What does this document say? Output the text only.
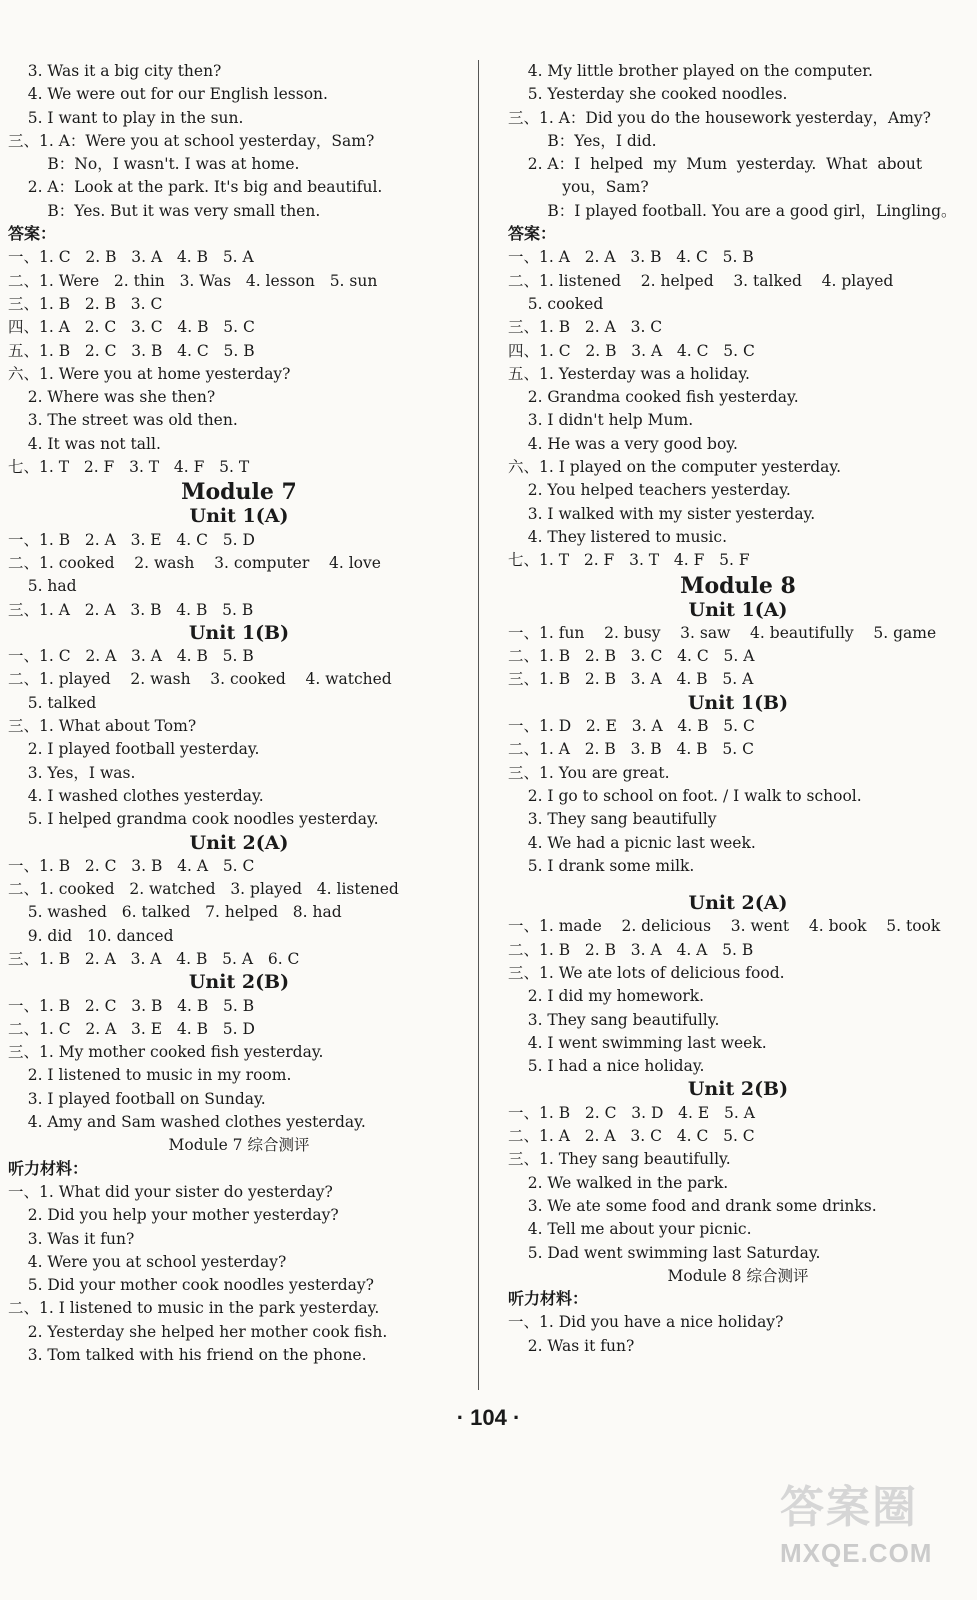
3. Was it a big city then?
4. We were out for our English lesson.
5. I want to play in the sun.
三、1. A：Were you at school yesterday，Sam?
B：No，I wasn't. I was at home.
2. A：Look at the park. It's big and beautiful.
B：Yes. But it was very small then.
答案：
一、1. C   2. B   3. A   4. B   5. A
二、1. Were   2. thin   3. Was   4. lesson   5. sun
三、1. B   2. B   3. C
四、1. A   2. C   3. C   4. B   5. C
五、1. B   2. C   3. B   4. C   5. B
六、1. Were you at home yesterday?
2. Where was she then?
3. The street was old then.
4. It was not tall.
七、1. T   2. F   3. T   4. F   5. T
Module 7
Unit 1(A)
一、1. B   2. A   3. E   4. C   5. D
二、1. cooked    2. wash    3. computer    4. love
5. had
三、1. A   2. A   3. B   4. B   5. B
Unit 1(B)
一、1. C   2. A   3. A   4. B   5. B
二、1. played    2. wash    3. cooked    4. watched
5. talked
三、1. What about Tom?
2. I played football yesterday.
3. Yes，I was.
4. I washed clothes yesterday.
5. I helped grandma cook noodles yesterday.
Unit 2(A)
一、1. B   2. C   3. B   4. A   5. C
二、1. cooked   2. watched   3. played   4. listened
5. washed   6. talked   7. helped   8. had
9. did   10. danced
三、1. B   2. A   3. A   4. B   5. A   6. C
Unit 2(B)
一、1. B   2. C   3. B   4. B   5. B
二、1. C   2. A   3. E   4. B   5. D
三、1. My mother cooked fish yesterday.
2. I listened to music in my room.
3. I played football on Sunday.
4. Amy and Sam washed clothes yesterday.
Module 7 综合测评
听力材料：
一、1. What did your sister do yesterday?
2. Did you help your mother yesterday?
3. Was it fun?
4. Were you at school yesterday?
5. Did your mother cook noodles yesterday?
二、1. I listened to music in the park yesterday.
2. Yesterday she helped her mother cook fish.
3. Tom talked with his friend on the phone.
4. My little brother played on the computer.
5. Yesterday she cooked noodles.
三、1. A：Did you do the housework yesterday，Amy?
B：Yes，I did.
2. A：I  helped  my  Mum  yesterday.  What  about
you，Sam?
B：I played football. You are a good girl，Lingling。
答案：
一、1. A   2. A   3. B   4. C   5. B
二、1. listened    2. helped    3. talked    4. played
5. cooked
三、1. B   2. A   3. C
四、1. C   2. B   3. A   4. C   5. C
五、1. Yesterday was a holiday.
2. Grandma cooked fish yesterday.
3. I didn't help Mum.
4. He was a very good boy.
六、1. I played on the computer yesterday.
2. You helped teachers yesterday.
3. I walked with my sister yesterday.
4. They listered to music.
七、1. T   2. F   3. T   4. F   5. F
Module 8
Unit 1(A)
一、1. fun    2. busy    3. saw    4. beautifully    5. game
二、1. B   2. B   3. C   4. C   5. A
三、1. B   2. B   3. A   4. B   5. A
Unit 1(B)
一、1. D   2. E   3. A   4. B   5. C
二、1. A   2. B   3. B   4. B   5. C
三、1. You are great.
2. I go to school on foot. / I walk to school.
3. They sang beautifully
4. We had a picnic last week.
5. I drank some milk.
Unit 2(A)
一、1. made    2. delicious    3. went    4. book    5. took
二、1. B   2. B   3. A   4. A   5. B
三、1. We ate lots of delicious food.
2. I did my homework.
3. They sang beautifully.
4. I went swimming last week.
5. I had a nice holiday.
Unit 2(B)
一、1. B   2. C   3. D   4. E   5. A
二、1. A   2. A   3. C   4. C   5. C
三、1. They sang beautifully.
2. We walked in the park.
3. We ate some food and drank some drinks.
4. Tell me about your picnic.
5. Dad went swimming last Saturday.
Module 8 综合测评
听力材料：
一、1. Did you have a nice holiday?
2. Was it fun?
· 104 ·
答案圈
MXQE.COM
